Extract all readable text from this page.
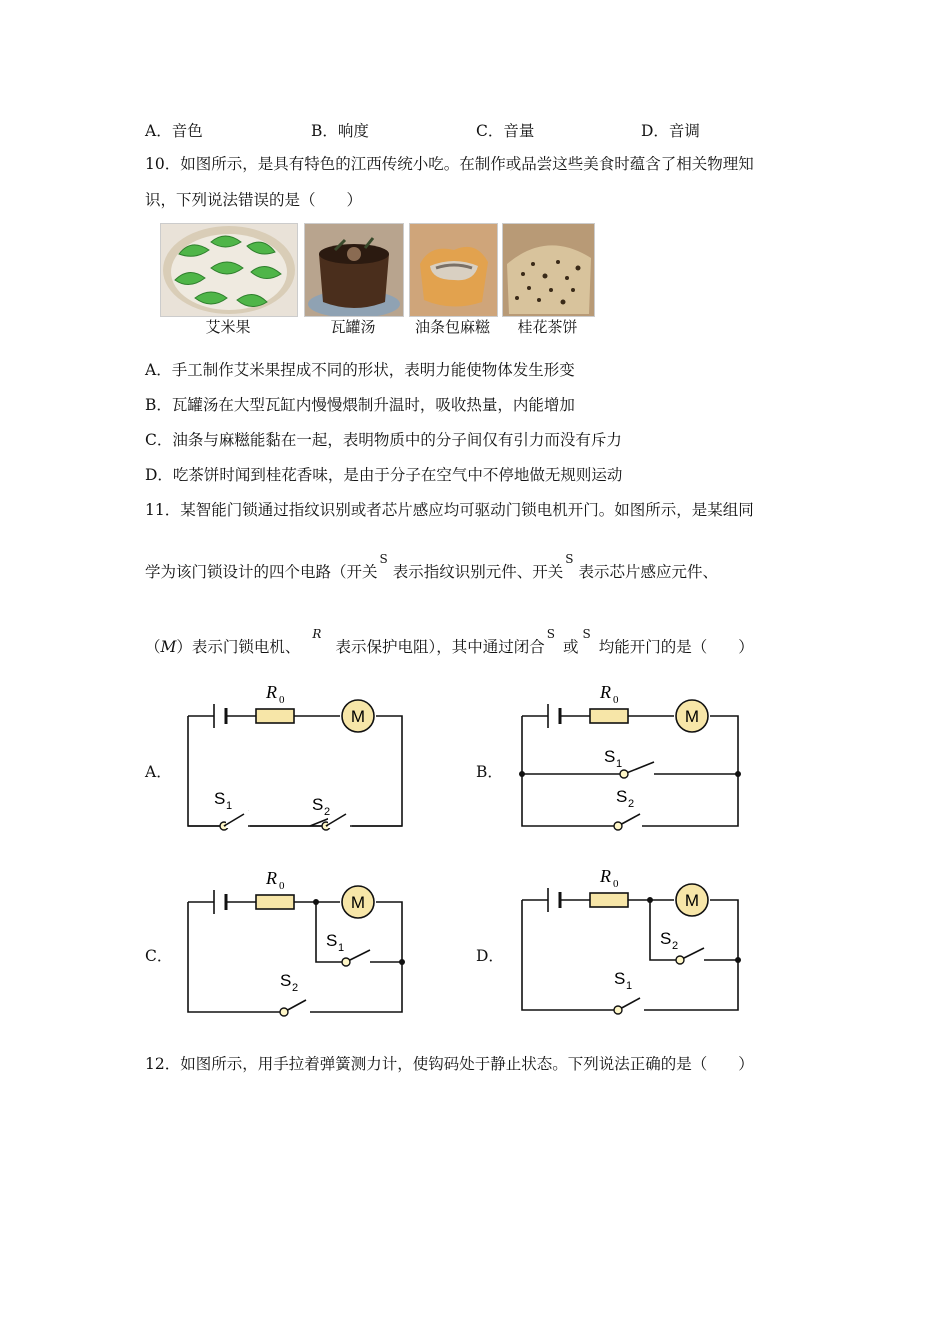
A．音色	B．响度	C．音量	D．音调
10．如图所示，是具有特色的江西传统小吃。在制作或品尝这些美食时蕴含了相关物理知
识，下列说法错误的是（　　）
艾米果	瓦罐汤	油条包麻糍	桂花茶饼
A．手工制作艾米果捏成不同的形状，表明力能使物体发生形变
B．瓦罐汤在大型瓦缸内慢慢煨制升温时，吸收热量，内能增加
C．油条与麻糍能黏在一起，表明物质中的分子间仅有引力而没有斥力
D．吃茶饼时闻到桂花香味，是由于分子在空气中不停地做无规则运动
11．某智能门锁通过指纹识别或者芯片感应均可驱动门锁电机开门。如图所示，是某组同
学为该门锁设计的四个电路（开关$^S$表示指纹识别元件、开关$^S$表示芯片感应元件、
（M）表示门锁电机、$^R$表示保护电阻），其中通过闭合$^S$或$^S$均能开门的是（　　）
A．
R 0
M
S 1	S 2
B．
R 0
M
S 1
S 2
C．
R 0
M
S 1
S 2
D．
R 0
M
S 2
S 1
12．如图所示，用手拉着弹簧测力计，使钩码处于静止状态。下列说法正确的是（　　）
